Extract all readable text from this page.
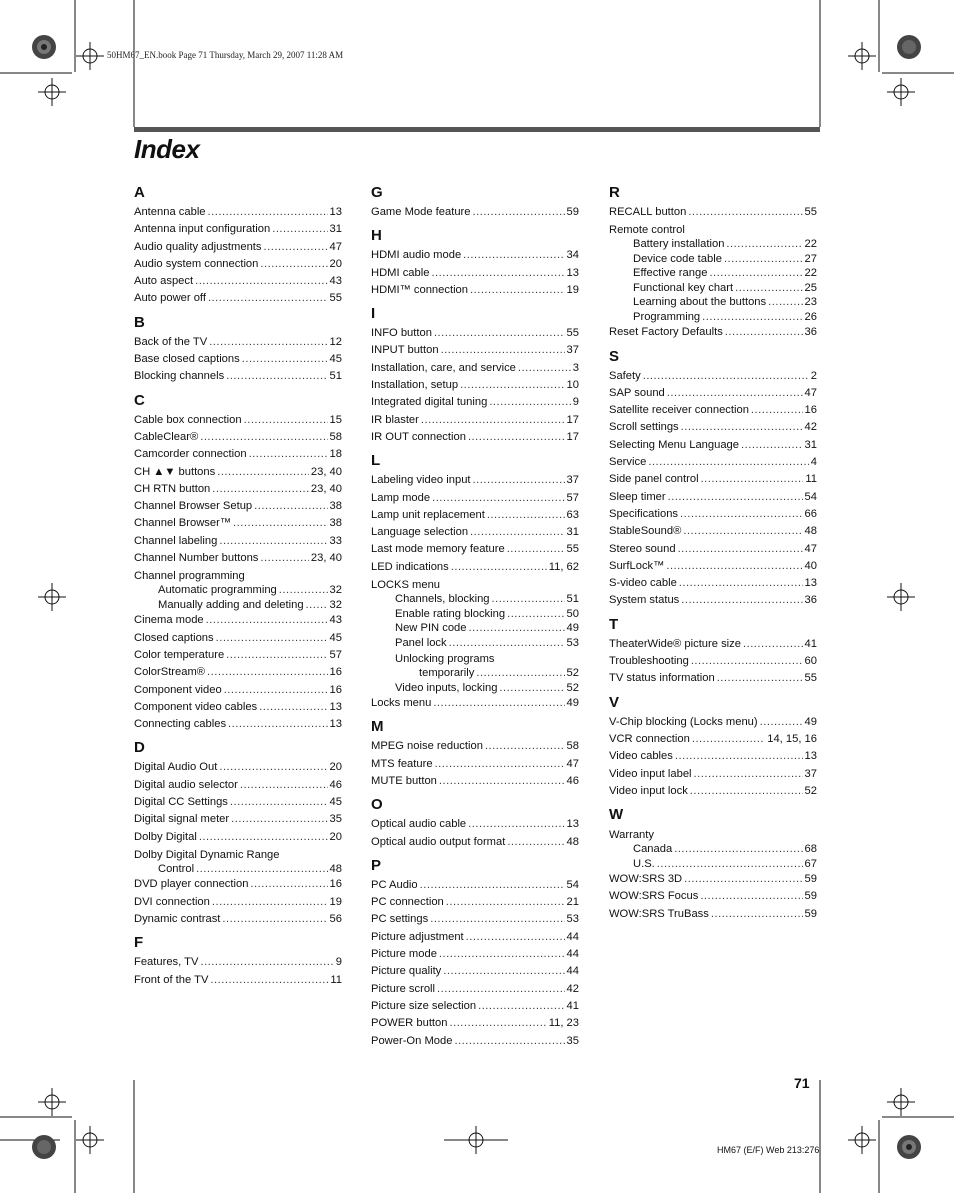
50HM67_EN.book Page 71 Thursday, March 29, 2007 11:28 AM
Index
A
Antenna cable .....	13
Antenna input configuration .....	31
Audio quality adjustments .....	47
Audio system connection .....	20
Auto aspect .....	43
Auto power off .....	55
B
Back of the TV .....	12
Base closed captions .....	45
Blocking channels .....	51
C
Cable box connection .....	15
CableClear® .....	58
Camcorder connection .....	18
CH ▲▼ buttons .....	23, 40
CH RTN button .....	23, 40
Channel Browser Setup .....	38
Channel Browser™ .....	38
Channel labeling .....	33
Channel Number buttons .....	23, 40
Channel programming
Automatic programming .....	32
Manually adding and deleting ..... 32
Cinema mode .....	43
Closed captions .....	45
Color temperature .....	57
ColorStream® .....	16
Component video .....	16
Component video cables .....	13
Connecting cables .....	13
D
Digital Audio Out .....	20
Digital audio selector .....	46
Digital CC Settings .....	45
Digital signal meter .....	35
Dolby Digital .....	20
Dolby Digital Dynamic Range
Control .....	48
DVD player connection .....	16
DVI connection .....	19
Dynamic contrast .....	56
F
Features, TV .....	9
Front of the TV .....	11
G
Game Mode feature .....	59
H
HDMI audio mode .....	34
HDMI cable .....	13
HDMI™ connection .....	19
I
INFO button .....	55
INPUT button .....	37
Installation, care, and service .....	3
Installation, setup .....	10
Integrated digital tuning .....	9
IR blaster .....	17
IR OUT connection .....	17
L
Labeling video input .....	37
Lamp mode .....	57
Lamp unit replacement .....	63
Language selection .....	31
Last mode memory feature .....	55
LED indications .....	11, 62
LOCKS menu
Channels, blocking .....	51
Enable rating blocking .....	50
New PIN code .....	49
Panel lock .....	53
Unlocking programs
temporarily .....	52
Video inputs, locking .....	52
Locks menu .....	49
M
MPEG noise reduction .....	58
MTS feature .....	47
MUTE button .....	46
O
Optical audio cable .....	13
Optical audio output format .....	48
P
PC Audio .....	54
PC connection .....	21
PC settings .....	53
Picture adjustment .....	44
Picture mode .....	44
Picture quality .....	44
Picture scroll .....	42
Picture size selection .....	41
POWER button .....	11, 23
Power-On Mode .....	35
R
RECALL button .....	55
Remote control
Battery installation .....	22
Device code table .....	27
Effective range .....	22
Functional key chart .....	25
Learning about the buttons .....	23
Programming .....	26
Reset Factory Defaults .....	36
S
Safety .....	2
SAP sound .....	47
Satellite receiver connection .....	16
Scroll settings .....	42
Selecting Menu Language .....	31
Service .....	4
Side panel control .....	11
Sleep timer .....	54
Specifications .....	66
StableSound® .....	48
Stereo sound .....	47
SurfLock™ .....	40
S-video cable .....	13
System status .....	36
T
TheaterWide® picture size .....	41
Troubleshooting .....	60
TV status information .....	55
V
V-Chip blocking (Locks menu) .....	49
VCR connection .....	14, 15, 16
Video cables .....	13
Video input label .....	37
Video input lock .....	52
W
Warranty
Canada .....	68
U.S. .....	67
WOW:SRS 3D .....	59
WOW:SRS Focus .....	59
WOW:SRS TruBass .....	59
71
HM67 (E/F) Web 213:276
